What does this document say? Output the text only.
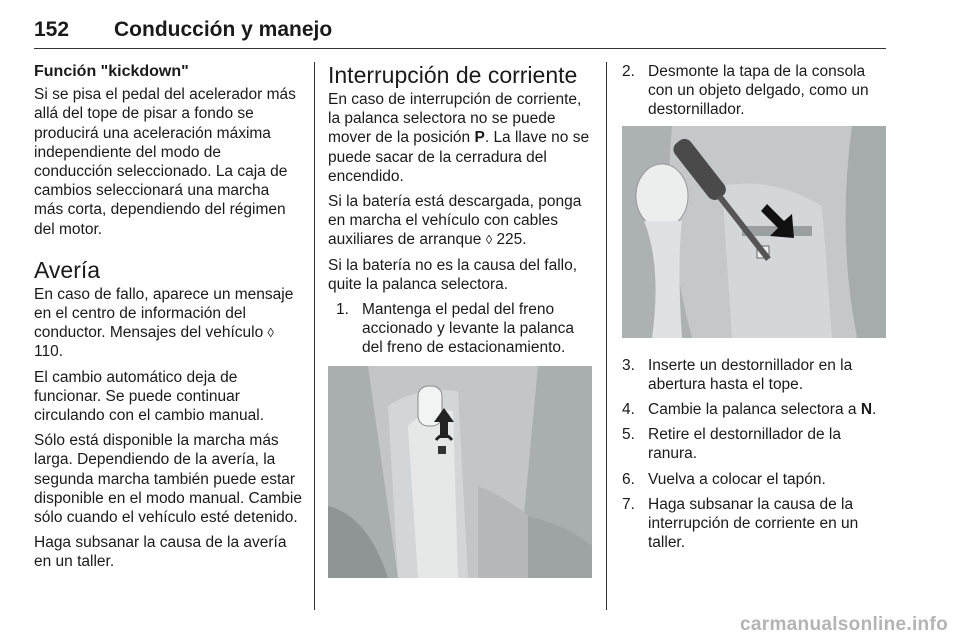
152 Conducción y manejo
Función "kickdown"

Si se pisa el pedal del acelerador más allá del tope de pisar a fondo se producirá una aceleración máxima independiente del modo de conducción seleccionado. La caja de cambios seleccionará una marcha más corta, dependiendo del régimen del motor.

Avería

En caso de fallo, aparece un mensaje en el centro de información del conductor. Mensajes del vehículo ◊ 110.

El cambio automático deja de funcionar. Se puede continuar circulando con el cambio manual.

Sólo está disponible la marcha más larga. Dependiendo de la avería, la segunda marcha también puede estar disponible en el modo manual. Cambie sólo cuando el vehículo esté detenido.

Haga subsanar la causa de la avería en un taller.

Interrupción de corriente

En caso de interrupción de corriente, la palanca selectora no se puede mover de la posición P. La llave no se puede sacar de la cerradura del encendido.

Si la batería está descargada, ponga en marcha el vehículo con cables auxiliares de arranque ◊ 225.

Si la batería no es la causa del fallo, quite la palanca selectora.

1. Mantenga el pedal del freno accionado y levante la palanca del freno de estacionamiento.
2. Desmonte la tapa de la consola con un objeto delgado, como un destornillador.
3. Inserte un destornillador en la abertura hasta el tope.
4. Cambie la palanca selectora a N.
5. Retire el destornillador de la ranura.
6. Vuelva a colocar el tapón.
7. Haga subsanar la causa de la interrupción de corriente en un taller.
carmanualsonline.info
